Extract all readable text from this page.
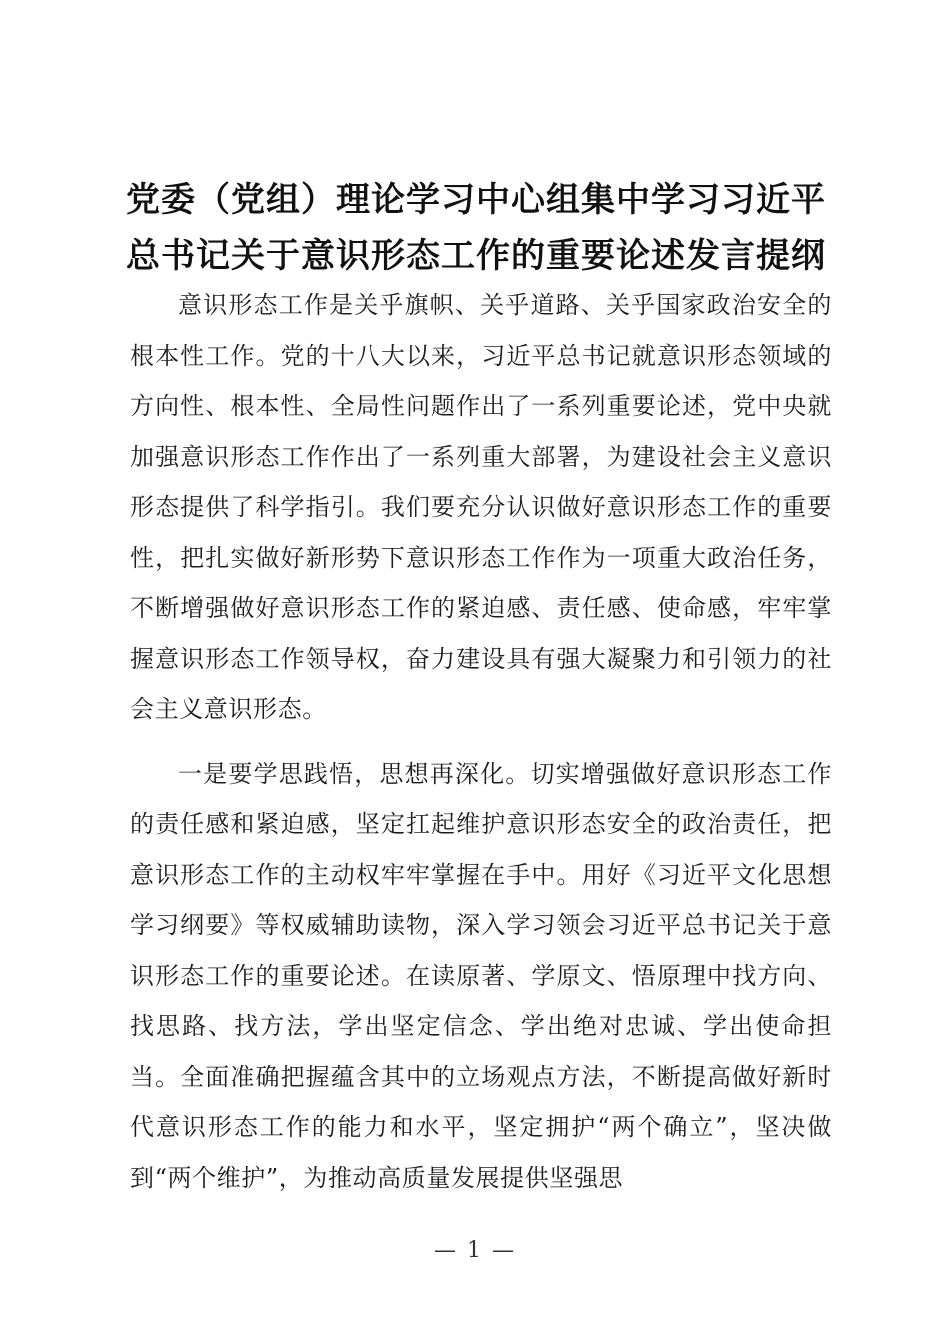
党委（党组）理论学习中心组集中学习习近平总书记关于意识形态工作的重要论述发言提纲

意识形态工作是关乎旗帜、关乎道路、关乎国家政治安全的根本性工作。党的十八大以来，习近平总书记就意识形态领域的方向性、根本性、全局性问题作出了一系列重要论述，党中央就加强意识形态工作作出了一系列重大部署，为建设社会主义意识形态提供了科学指引。我们要充分认识做好意识形态工作的重要性，把扎实做好新形势下意识形态工作作为一项重大政治任务，不断增强做好意识形态工作的紧迫感、责任感、使命感，牢牢掌握意识形态工作领导权，奋力建设具有强大凝聚力和引领力的社会主义意识形态。

一是要学思践悟，思想再深化。切实增强做好意识形态工作的责任感和紧迫感，坚定扛起维护意识形态安全的政治责任，把意识形态工作的主动权牢牢掌握在手中。用好《习近平文化思想学习纲要》等权威辅助读物，深入学习领会习近平总书记关于意识形态工作的重要论述。在读原著、学原文、悟原理中找方向、找思路、找方法，学出坚定信念、学出绝对忠诚、学出使命担当。全面准确把握蕴含其中的立场观点方法，不断提高做好新时代意识形态工作的能力和水平，坚定拥护“两个确立”，坚决做到“两个维护”，为推动高质量发展提供坚强思

— 1 —
